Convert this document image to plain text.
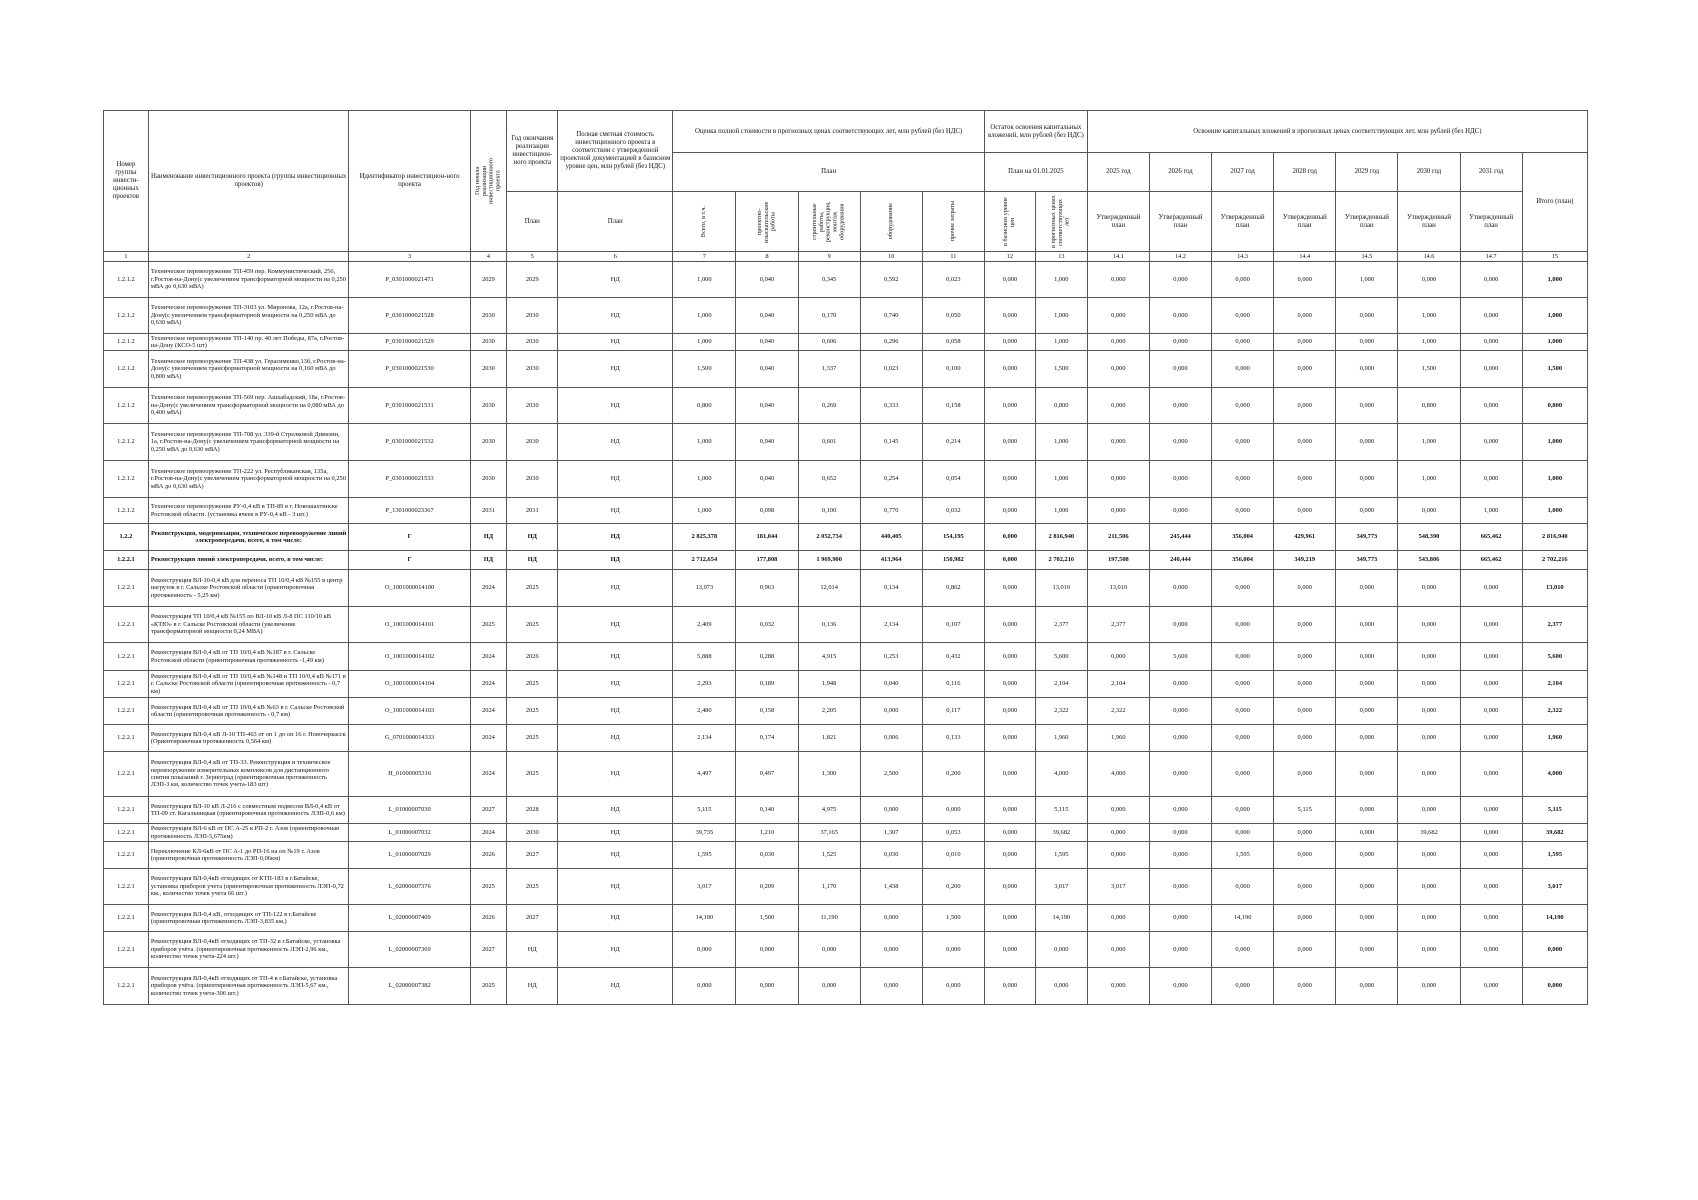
Номер группы инвести-ционных проектов	Наименование инвестиционного проекта (группы инвестиционных проектов)	Идентификатор инвестицион-ного проекта	Год начала реализации инвестиционного проекта	Год окончания реализации инвестицион-ного проекта	Полная сметная стоимость инвестиционного проекта в соответствии с утвержденной проектной документацией в базисном уровне цен, млн рублей (без НДС)	Оценка полной стоимости в прогнозных ценах соответствующих лет, млн рублей (без НДС)					Остаток освоения капитальных вложений, млн рублей (без НДС)		Освоение капитальных вложений в прогнозных ценах соответствующих лет, млн рублей (без НДС)							
						План					План на 01.01.2025		2025 год	2026 год	2027 год	2028 год	2029 год	2030 год	2031 год	Итого (план)
				План	План	Всего, в т.ч.	проектно-изыскательские работы	строительные работы, реконструкция, монтаж оборудования	оборудование	прочие затраты	в базисном уровне цен	в прогнозных ценах соответствующих лет	Утвержденный план	Утвержденный план	Утвержденный план	Утвержденный план	Утвержденный план	Утвержденный план	Утвержденный план	
1	2	3	4	5	6	7	8	9	10	11	12	13	14.1	14.2	14.3	14.4	14.5	14.6	14.7	15
1.2.1.2	Техническое перевооружение ТП-459 пер. Коммунистический, 256, г.Ростов-на-Дону(с увеличением трансформаторной мощности на 0,250 мВА до 0,630 мВА)	P_0301000021471	2029	2029	НД	1,000	0,040	0,345	0,592	0,023	0,000	1,000	0,000	0,000	0,000	0,000	1,000	0,000	0,000	1,000
1.2.1.2	Техническое перевооружение ТП-3103 ул. Миронова, 12а, г.Ростов-на-Дону(с увеличением трансформаторной мощности на 0,250 мВА до 0,630 мВА)	P_0301000021528	2030	2030	НД	1,000	0,040	0,170	0,740	0,050	0,000	1,000	0,000	0,000	0,000	0,000	0,000	1,000	0,000	1,000
1.2.1.2	Техническое перевооружение ТП-140 пр. 40 лет Победы, 87а, г.Ростов-на-Дону (КСО-5 шт)	P_0301000021529	2030	2030	НД	1,000	0,040	0,606	0,296	0,058	0,000	1,000	0,000	0,000	0,000	0,000	0,000	1,000	0,000	1,000
1.2.1.2	Техническое перевооружение ТП-438 ул. Герасименко,13б, г.Ростов-на-Дону(с увеличением трансформаторной мощности на 0,160 мВА до 0,800 мВА)	P_0301000021530	2030	2030	НД	1,500	0,040	1,337	0,023	0,100	0,000	1,500	0,000	0,000	0,000	0,000	0,000	1,500	0,000	1,500
1.2.1.2	Техническое перевооружение ТП-569 пер. Ашхабадский, 18а, г.Ростов-на-Дону(с увеличением трансформаторной мощности на 0,080 мВА до 0,400 мВА)	P_0301000021531	2030	2030	НД	0,800	0,040	0,269	0,333	0,158	0,000	0,800	0,000	0,000	0,000	0,000	0,000	0,800	0,000	0,800
1.2.1.2	Техническое перевооружение ТП-708 ул. 339-й Стрелковой Дивизии, 1а, г.Ростов-на-Дону(с увеличением трансформаторной мощности на 0,250 мВА до 0,630 мВА)	P_0301000021532	2030	2030	НД	1,000	0,040	0,601	0,145	0,214	0,000	1,000	0,000	0,000	0,000	0,000	0,000	1,000	0,000	1,000
1.2.1.2	Техническое перевооружение ТП-222 ул. Республиканская, 135а, г.Ростов-на-Дону(с увеличением трансформаторной мощности на 0,250 мВА до 0,630 мВА)	P_0301000021533	2030	2030	НД	1,000	0,040	0,652	0,254	0,054	0,000	1,000	0,000	0,000	0,000	0,000	0,000	1,000	0,000	1,000
1.2.1.2	Техническое перевооружение РУ-0,4 кВ в ТП-89 в г. Новошахтинске Ростовской области. (установка ячеек в РУ-0,4 кВ - 3 шт.)	P_1301000023367	2031	2031	НД	1,000	0,098	0,100	0,770	0,032	0,000	1,000	0,000	0,000	0,000	0,000	0,000	0,000	1,000	1,000
1.2.2	Реконструкция, модернизация, техническое перевооружение линий электропередачи, всего, в том числе:	Г	НД	НД	НД	2 825,378	181,044	2 052,734	440,405	154,195	0,000	2 816,940	211,506	245,444	356,004	429,961	349,773	548,390	665,462	2 816,940
1.2.2.1	Реконструкция линий электропередачи, всего, в том числе:	Г	НД	НД	НД	2 712,654	177,808	1 969,900	413,964	150,982	0,000	2 702,216	197,508	240,444	356,004	349,219	349,773	543,806	665,462	2 702,216
1.2.2.1	Реконструкция ВЛ-10-0,4 кВ для переноса ТП 10/0,4 кВ №155 в центр нагрузок в г. Сальске Ростовской области (ориентировочная протяженность - 5,25 км)	O_1001000014100	2024	2025	НД	13,973	0,963	12,014	0,134	0,862	0,000	13,010	13,010	0,000	0,000	0,000	0,000	0,000	0,000	13,010
1.2.2.1	Реконструкция ТП 10/0,4 кВ №155 по ВЛ-10 кВ Л-8 ПС 110/10 кВ «КТЮ» в г. Сальске Ростовской области (увеличение трансформаторной мощности 0,24 МВА)	O_1001000014101	2025	2025	НД	2,409	0,032	0,136	2,134	0,107	0,000	2,377	2,377	0,000	0,000	0,000	0,000	0,000	0,000	2,377
1.2.2.1	Реконструкция ВЛ-0,4 кВ от ТП 10/0,4 кВ №187 в г. Сальске Ростовской области (ориентировочная протяженность -1,49 км)	O_1001000014102	2024	2026	НД	5,888	0,288	4,915	0,253	0,432	0,000	5,600	0,000	5,600	0,000	0,000	0,000	0,000	0,000	5,600
1.2.2.1	Реконструкция ВЛ-0,4 кВ от ТП 10/0,4 кВ №148 и ТП 10/0,4 кВ №171 в г. Сальске Ростовской области (ориентировочная протяженность - 0,7 км)	O_1001000014104	2024	2025	НД	2,293	0,189	1,948	0,040	0,116	0,000	2,104	2,104	0,000	0,000	0,000	0,000	0,000	0,000	2,104
1.2.2.1	Реконструкция ВЛ-0,4 кВ от ТП 10/0,4 кВ №63 в г. Сальске Ростовской области (ориентировочная протяженность - 0,7 км)	O_1001000014103	2024	2025	НД	2,480	0,158	2,205	0,000	0,117	0,000	2,322	2,322	0,000	0,000	0,000	0,000	0,000	0,000	2,322
1.2.2.1	Реконструкция ВЛ-0,4 кВ Л-10 ТП-463 от оп 1 до оп 16 г. Новочеркасск (Ориентировочная протяженность 0,564 км)	G_0701000014333	2024	2025	НД	2,134	0,174	1,821	0,006	0,133	0,000	1,960	1,960	0,000	0,000	0,000	0,000	0,000	0,000	1,960
1.2.2.1	Реконструкция ВЛ-0,4 кВ от ТП-33. Реконструкция и техническое перевооружение измерительных комплексов для дистанционного снятия показаний г. Зерноград (ориентировочная протяженность ЛЭП-3 км, количество точек учета-183 шт)	H_01000005316	2024	2025	НД	4,497	0,497	1,300	2,500	0,200	0,000	4,000	4,000	0,000	0,000	0,000	0,000	0,000	0,000	4,000
1.2.2.1	Реконструкция ВЛ-10 кВ Л-216 с совместным подвесом ВЛ-0,4 кВ от ТП-09 ст. Кагальницкая (ориентировочная протяженность ЛЭП-0,6 км)	L_01000007030	2027	2028	НД	5,115	0,140	4,975	0,000	0,000	0,000	5,115	0,000	0,000	0,000	5,115	0,000	0,000	0,000	5,115
1.2.2.1	Реконструкция ВЛ-6 кВ от ПС А-25 к РП-2 г. Азов (ориентировочная протяженность ЛЭП-5,675км)	L_01000007032	2024	2030	НД	39,735	1,210	37,165	1,307	0,053	0,000	39,682	0,000	0,000	0,000	0,000	0,000	39,682	0,000	39,682
1.2.2.1	Переключение КЛ-6кВ от ПС А-1 до РП-16 на оп №19 г. Азов (ориентировочная протяженность ЛЭП-0,06км)	L_01000007029	2026	2027	НД	1,595	0,030	1,525	0,030	0,010	0,000	1,595	0,000	0,000	1,595	0,000	0,000	0,000	0,000	1,595
1.2.2.1	Реконструкция ВЛ-0,4кВ отходящих от КТП-183 в г.Батайске, установка приборов учета (ориентировочная протяженность ЛЭП-0,72 км., количество точек учета 66 шт.)	L_02000007376	2025	2025	НД	3,017	0,209	1,170	1,438	0,200	0,000	3,017	3,017	0,000	0,000	0,000	0,000	0,000	0,000	3,017
1.2.2.1	Реконструкция ВЛ-0,4 кВ, отходящих от ТП-122 в г.Батайске (ориентировочная протяженность ЛЭП-3,835 км.)	L_02000007409	2026	2027	НД	14,190	1,500	11,190	0,000	1,500	0,000	14,190	0,000	0,000	14,190	0,000	0,000	0,000	0,000	14,190
1.2.2.1	Реконструкция ВЛ-0,4кВ отходящих от ТП-32 в г.Батайске, установка приборов учёта. (ориентировочная протяженность ЛЭП-2,96 км., количество точек учета-224 шт.)	L_02000007369	2027	НД	НД	0,000	0,000	0,000	0,000	0,000	0,000	0,000	0,000	0,000	0,000	0,000	0,000	0,000	0,000	0,000
1.2.2.1	Реконструкция ВЛ-0,4кВ отходящих от ТП-4 в г.Батайске, установка приборов учёта. (ориентировочная протяженность ЛЭП-5,67 км., количество точек учета-306 шт.)	L_02000007382	2025	НД	НД	0,000	0,000	0,000	0,000	0,000	0,000	0,000	0,000	0,000	0,000	0,000	0,000	0,000	0,000	0,000
